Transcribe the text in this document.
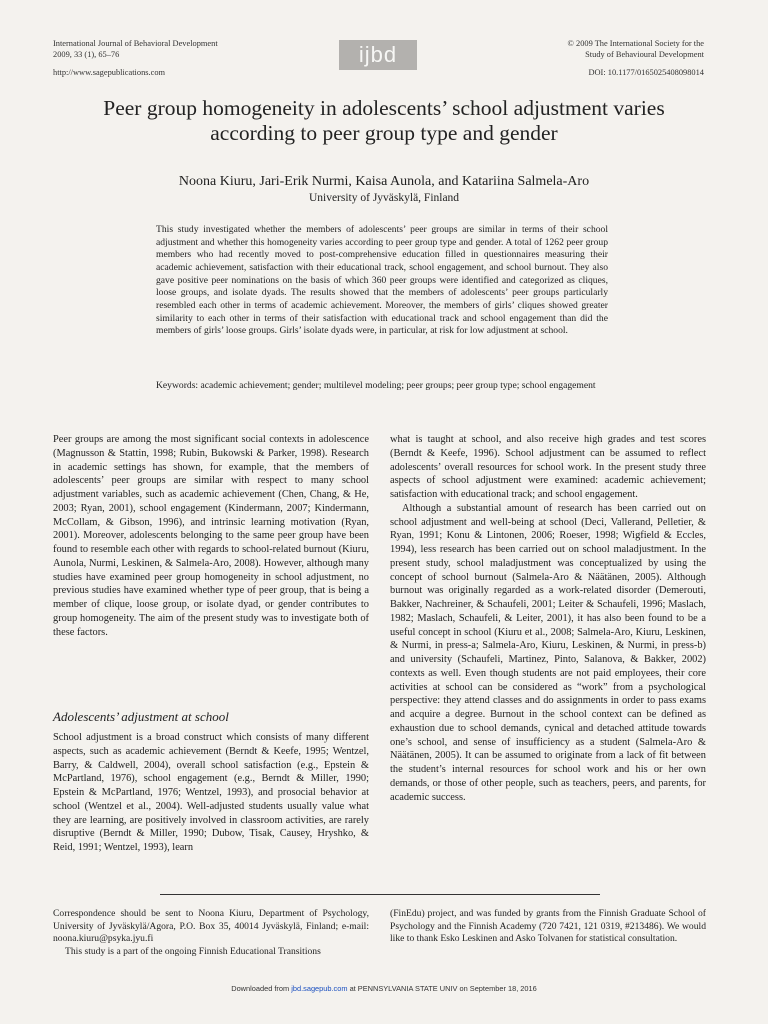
International Journal of Behavioral Development
2009, 33 (1), 65–76
http://www.sagepublications.com
ijbd	© 2009 The International Society for the
Study of Behavioural Development
DOI: 10.1177/0165025408098014
Peer group homogeneity in adolescents’ school adjustment varies according to peer group type and gender
Noona Kiuru, Jari-Erik Nurmi, Kaisa Aunola, and Katariina Salmela-Aro
University of Jyväskylä, Finland
This study investigated whether the members of adolescents’ peer groups are similar in terms of their school adjustment and whether this homogeneity varies according to peer group type and gender. A total of 1262 peer group members who had recently moved to post-comprehensive education filled in questionnaires measuring their academic achievement, satisfaction with their educational track, school engagement, and school burnout. They also gave positive peer nominations on the basis of which 360 peer groups were identified and categorized as cliques, loose groups, and isolate dyads. The results showed that the members of adolescents’ peer groups particularly resembled each other in terms of academic achievement. Moreover, the members of girls’ cliques showed greater similarity to each other in terms of their satisfaction with educational track and school engagement than did the members of girls’ loose groups. Girls’ isolate dyads were, in particular, at risk for low adjustment at school.
Keywords: academic achievement; gender; multilevel modeling; peer groups; peer group type; school engagement

Peer groups are among the most significant social contexts in adolescence (Magnusson & Stattin, 1998; Rubin, Bukowski & Parker, 1998). Research in academic settings has shown, for example, that the members of adolescents’ peer groups are similar with respect to many school adjustment variables, such as academic achievement (Chen, Chang, & He, 2003; Ryan, 2001), school engagement (Kindermann, 2007; Kindermann, McCollam, & Gibson, 1996), and intrinsic learning motivation (Ryan, 2001). Moreover, adolescents belonging to the same peer group have been found to resemble each other with regards to school-related burnout (Kiuru, Aunola, Nurmi, Leskinen, & Salmela-Aro, 2008). However, although many studies have examined peer group homogeneity in school adjustment, no previous studies have examined whether type of peer group, that is being a member of clique, loose group, or isolate dyad, or gender contributes to group homogeneity. The aim of the present study was to investigate both of these factors.

Adolescents’ adjustment at school

School adjustment is a broad construct which consists of many different aspects, such as academic achievement (Berndt & Keefe, 1995; Wentzel, Barry, & Caldwell, 2004), overall school satisfaction (e.g., Epstein & McPartland, 1976), school engagement (e.g., Berndt & Miller, 1990; Epstein & McPartland, 1976; Wentzel, 1993), and prosocial behavior at school (Wentzel et al., 2004). Well-adjusted students usually value what they are learning, are positively involved in classroom activities, are rarely disruptive (Berndt & Miller, 1990; Dubow, Tisak, Causey, Hryshko, & Reid, 1991; Wentzel, 1993), learn

what is taught at school, and also receive high grades and test scores (Berndt & Keefe, 1996). School adjustment can be assumed to reflect adolescents’ overall resources for school work. In the present study three aspects of school adjustment were examined: academic achievement; satisfaction with educational track; and school engagement.

Although a substantial amount of research has been carried out on school adjustment and well-being at school (Deci, Vallerand, Pelletier, & Ryan, 1991; Konu & Lintonen, 2006; Roeser, 1998; Wigfield & Eccles, 1994), less research has been carried out on school maladjustment. In the present study, school maladjustment was conceptualized by using the concept of school burnout (Salmela-Aro & Näätänen, 2005). Although burnout was originally regarded as a work-related disorder (Demerouti, Bakker, Nachreiner, & Schaufeli, 2001; Leiter & Schaufeli, 1996; Maslach, 1982; Maslach, Schaufeli, & Leiter, 2001), it has also been found to be a useful concept in school (Kiuru et al., 2008; Salmela-Aro, Kiuru, Leskinen, & Nurmi, in press-a; Salmela-Aro, Kiuru, Leskinen, & Nurmi, in press-b) and university (Schaufeli, Martinez, Pinto, Salanova, & Bakker, 2002) contexts as well. Even though students are not paid employees, their core activities at school can be considered as “work” from a psychological perspective: they attend classes and do assignments in order to pass exams and acquire a degree. Burnout in the school context can be defined as exhaustion due to school demands, cynical and detached attitude towards one’s school, and sense of insufficiency as a student (Salmela-Aro & Näätänen, 2005). It can be assumed to originate from a lack of fit between the student’s internal resources for school work and his or her own demands, or those of other people, such as teachers, peers, and parents, for academic success.

Correspondence should be sent to Noona Kiuru, Department of Psychology, University of Jyväskylä/Agora, P.O. Box 35, 40014 Jyväskylä, Finland; e-mail: noona.kiuru@psyka.jyu.fi

This study is a part of the ongoing Finnish Educational Transitions

(FinEdu) project, and was funded by grants from the Finnish Graduate School of Psychology and the Finnish Academy (720 7421, 121 0319, #213486). We would like to thank Esko Leskinen and Asko Tolvanen for statistical consultation.

Downloaded from jbd.sagepub.com at PENNSYLVANIA STATE UNIV on September 18, 2016
